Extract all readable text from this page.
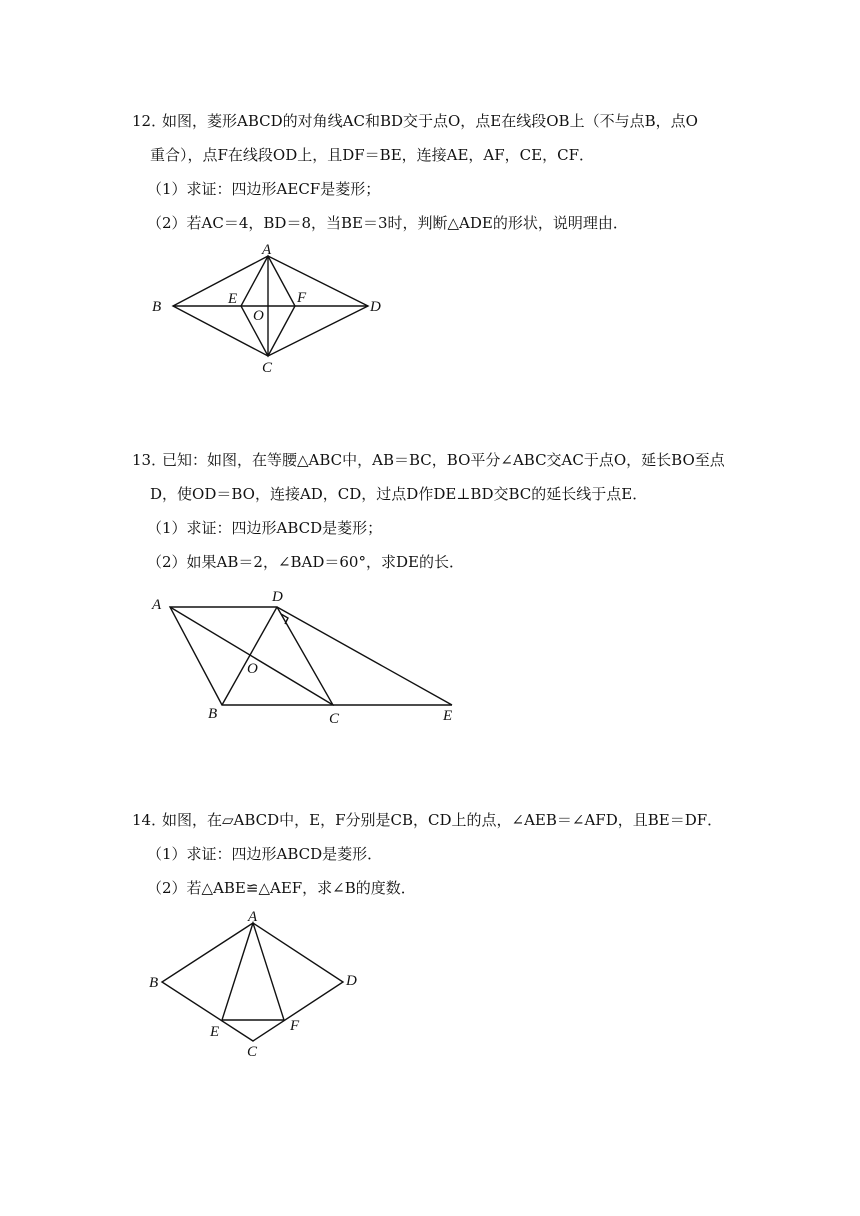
12．
如图，菱形ABCD的对角线AC和BD交于点O，点E在线段OB上（不与点B，点O
重合），点F在线段OD上，且DF＝BE，连接AE，AF，CE，CF．
（1）求证：四边形AECF是菱形；
（2）若AC＝4，BD＝8，当BE＝3时，判断△ADE的形状，说明理由．
A
B
C
D
E	F
O
13．
已知：如图，在等腰△ABC中，AB＝BC，BO平分∠ABC交AC于点O，延长BO至点
D，使OD＝BO，连接AD，CD，过点D作DE⊥BD交BC的延长线于点E．
（1）求证：四边形ABCD是菱形；
（2）如果AB＝2，∠BAD＝60°，求DE的长．
A	D
O
B	C	E
14．
如图，在▱ABCD中，E，F分别是CB，CD上的点，∠AEB＝∠AFD，且BE＝DF．
（1）求证：四边形ABCD是菱形．
（2）若△ABE≌△AEF，求∠B的度数．
A
B	D
E	F
C
